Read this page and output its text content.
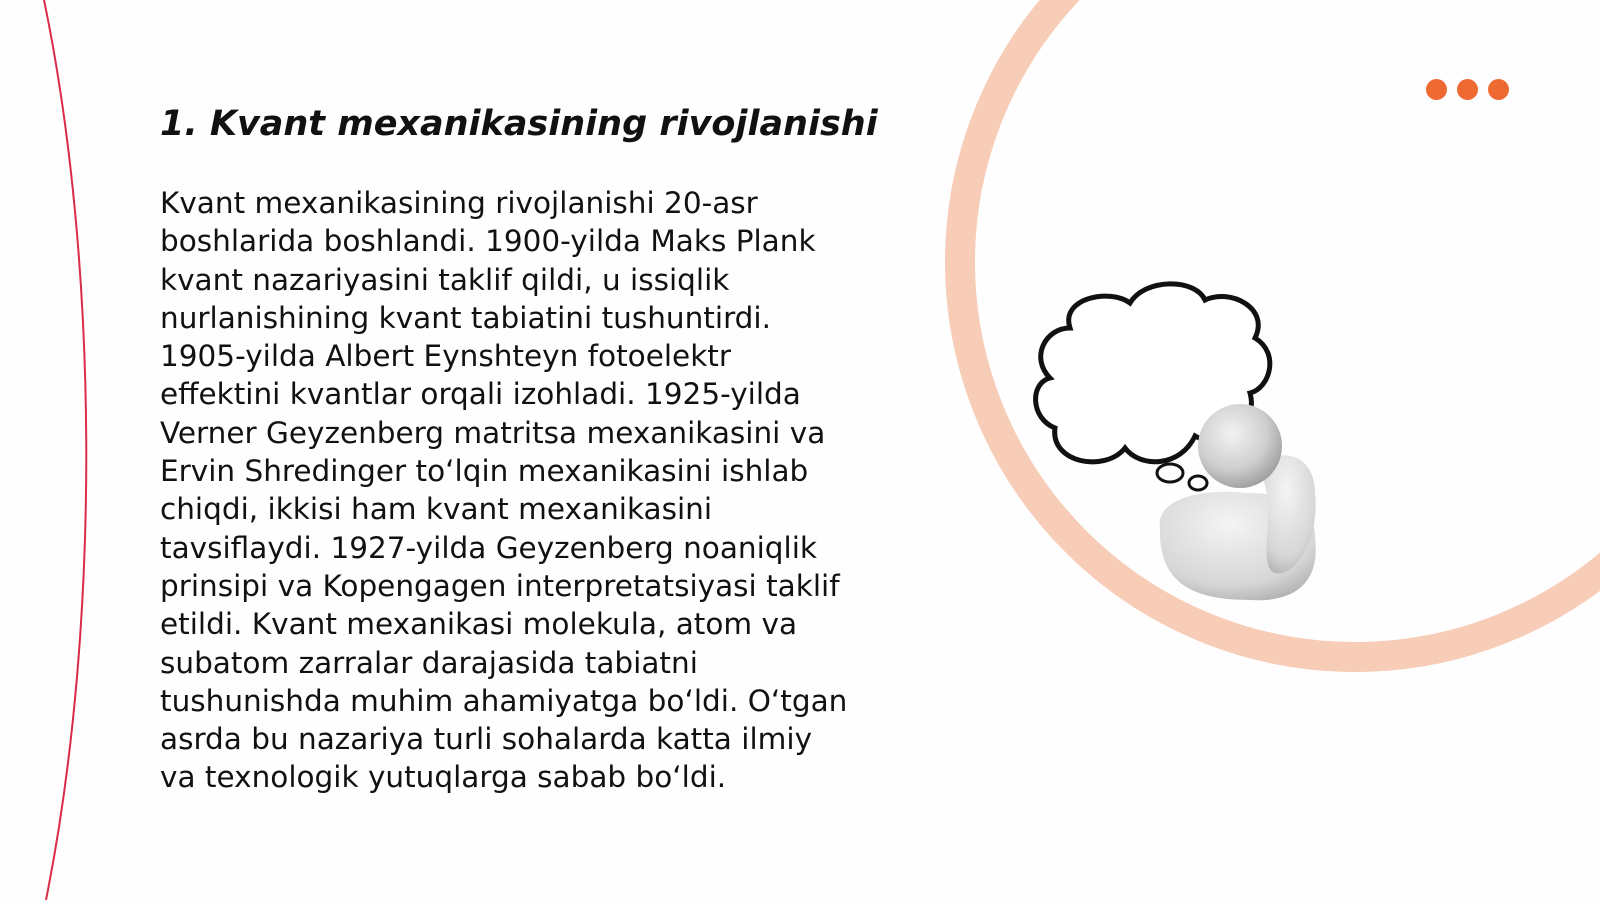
1. Kvant mexanikasining rivojlanishi

Kvant mexanikasining rivojlanishi 20-asr boshlarida boshlandi. 1900-yilda Maks Plank kvant nazariyasini taklif qildi, u issiqlik nurlanishining kvant tabiatini tushuntirdi. 1905-yilda Albert Eynshteyn fotoelektr effektini kvantlar orqali izohladi. 1925-yilda Verner Geyzenberg matritsa mexanikasini va Ervin Shredinger to‘lqin mexanikasini ishlab chiqdi, ikkisi ham kvant mexanikasini tavsiflaydi. 1927-yilda Geyzenberg noaniqlik prinsipi va Kopengagen interpretatsiyasi taklif etildi. Kvant mexanikasi molekula, atom va subatom zarralar darajasida tabiatni tushunishda muhim ahamiyatga bo‘ldi. O‘tgan asrda bu nazariya turli sohalarda katta ilmiy va texnologik yutuqlarga sabab bo‘ldi.
